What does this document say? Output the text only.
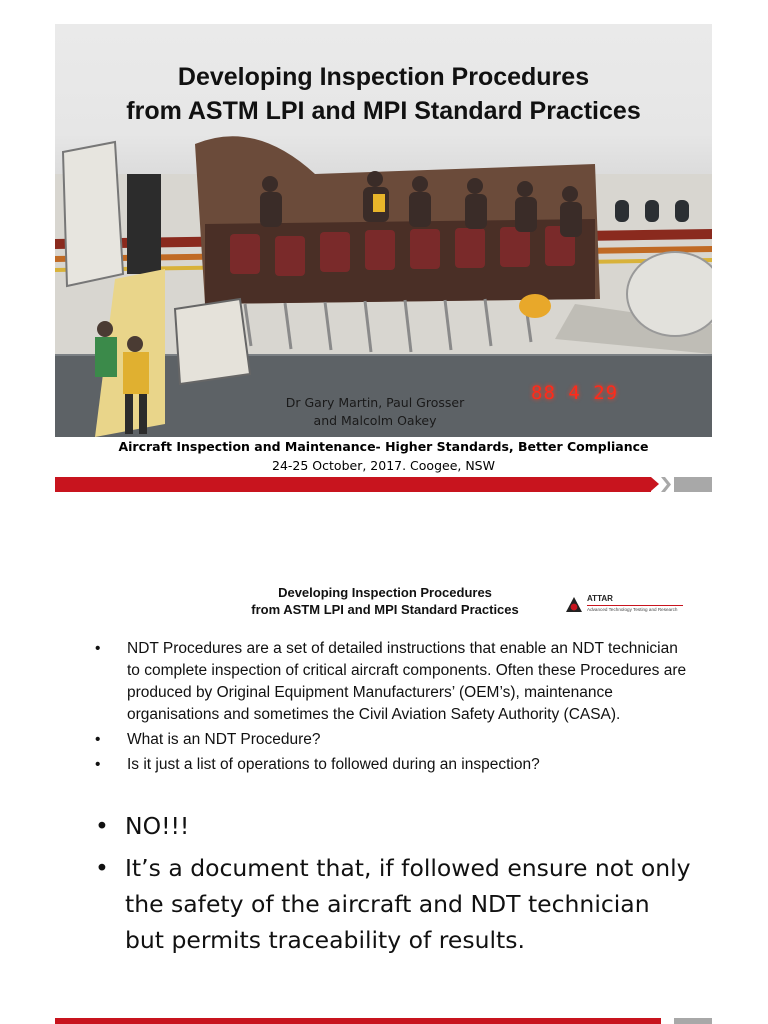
Developing Inspection Procedures
from ASTM LPI and MPI Standard Practices
88 4 29
Dr Gary Martin, Paul Grosser
and Malcolm Oakey
Aircraft Inspection and Maintenance- Higher Standards, Better Compliance
24-25 October, 2017. Coogee, NSW
Developing Inspection Procedures
from ASTM LPI and MPI Standard Practices
ATTAR
Advanced Technology Testing and Research
• NDT Procedures are a set of detailed instructions that enable an NDT technician to complete inspection of critical aircraft components. Often these Procedures are produced by Original Equipment Manufacturers’ (OEM’s), maintenance organisations and sometimes the Civil Aviation Safety Authority (CASA).
• What is an NDT Procedure?
• Is it just a list of operations to followed during an inspection?
• NO!!!
• It’s a document that, if followed ensure not only the safety of the aircraft and NDT technician but permits traceability of results.
